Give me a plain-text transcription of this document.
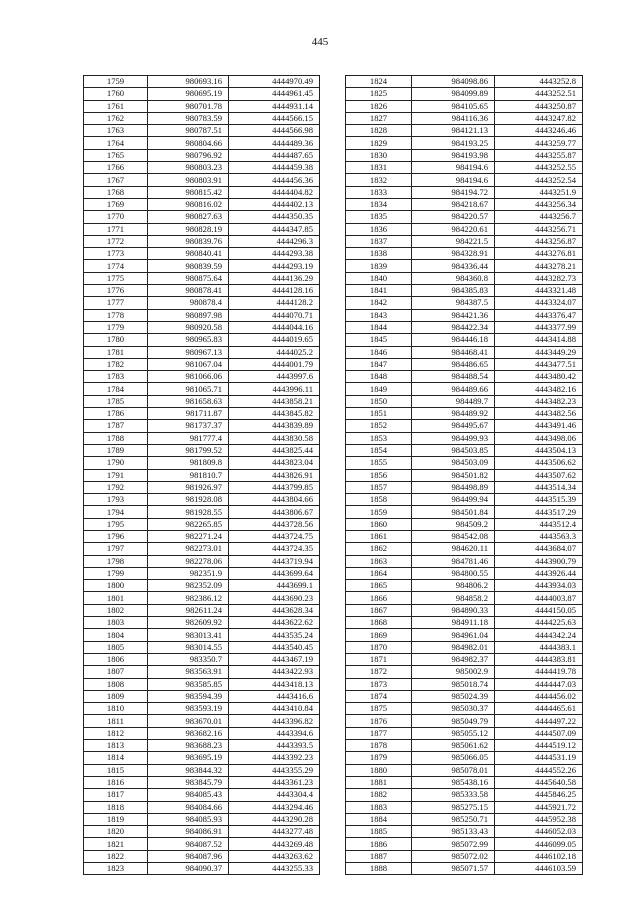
445
1759	980693.16	4444970.49
1760	980695.19	4444961.45
1761	980701.78	4444931.14
1762	980783.59	4444566.15
1763	980787.51	4444566.98
1764	980804.66	4444489.36
1765	980796.92	4444487.65
1766	980803.23	4444459.38
1767	980803.91	4444456.36
1768	980815.42	4444404.82
1769	980816.02	4444402.13
1770	980827.63	4444350.35
1771	980828.19	4444347.85
1772	980839.76	4444296.3
1773	980840.41	4444293.38
1774	980839.59	4444293.19
1775	980875.64	4444136.29
1776	980878.41	4444128.16
1777	980878.4	4444128.2
1778	980897.98	4444070.71
1779	980920.58	4444044.16
1780	980965.83	4444019.65
1781	980967.13	4444025.2
1782	981067.04	4444001.79
1783	981066.06	4443997.6
1784	981065.71	4443996.11
1785	981658.63	4443858.21
1786	981711.87	4443845.82
1787	981737.37	4443839.89
1788	981777.4	4443830.58
1789	981799.52	4443825.44
1790	981809.8	4443823.04
1791	981810.7	4443826.91
1792	981926.97	4443799.85
1793	981928.08	4443804.66
1794	981928.55	4443806.67
1795	982265.85	4443728.56
1796	982271.24	4443724.75
1797	982273.01	4443724.35
1798	982278.06	4443719.94
1799	982351.9	4443699.64
1800	982352.09	4443699.1
1801	982386.12	4443690.23
1802	982611.24	4443628.34
1803	982609.92	4443622.62
1804	983013.41	4443535.24
1805	983014.55	4443540.45
1806	983350.7	4443467.19
1807	983563.91	4443422.93
1808	983585.85	4443418.13
1809	983594.39	4443416.6
1810	983593.19	4443410.84
1811	983670.01	4443396.82
1812	983682.16	4443394.6
1813	983688.23	4443393.5
1814	983695.19	4443392.23
1815	983844.32	4443355.29
1816	983845.79	4443361.23
1817	984085.43	4443304.4
1818	984084.66	4443294.46
1819	984085.93	4443290.28
1820	984086.91	4443277.48
1821	984087.52	4443269.48
1822	984087.96	4443263.62
1823	984090.37	4443255.33
1824	984098.86	4443252.8
1825	984099.89	4443252.51
1826	984105.65	4443250.87
1827	984116.36	4443247.82
1828	984121.13	4443246.46
1829	984193.25	4443259.77
1830	984193.98	4443255.87
1831	984194.6	4443252.55
1832	984194.6	4443252.54
1833	984194.72	4443251.9
1834	984218.67	4443256.34
1835	984220.57	4443256.7
1836	984220.61	4443256.71
1837	984221.5	4443256.87
1838	984328.91	4443276.81
1839	984336.44	4443278.21
1840	984360.8	4443282.73
1841	984385.83	4443321.48
1842	984387.5	4443324.07
1843	984421.36	4443376.47
1844	984422.34	4443377.99
1845	984446.18	4443414.88
1846	984468.41	4443449.29
1847	984486.65	4443477.51
1848	984488.54	4443480.42
1849	984489.66	4443482.16
1850	984489.7	4443482.23
1851	984489.92	4443482.56
1852	984495.67	4443491.46
1853	984499.93	4443498.06
1854	984503.85	4443504.13
1855	984503.09	4443506.62
1856	984501.82	4443507.62
1857	984498.89	4443514.34
1858	984499.94	4443515.39
1859	984501.84	4443517.29
1860	984509.2	4443512.4
1861	984542.08	4443563.3
1862	984620.11	4443684.07
1863	984781.46	4443900.79
1864	984800.55	4443926.44
1865	984806.2	4443934.03
1866	984858.2	4444003.87
1867	984890.33	4444150.05
1868	984911.18	4444225.63
1869	984961.04	4444342.24
1870	984982.01	4444383.1
1871	984982.37	4444383.81
1872	985002.9	4444419.78
1873	985018.74	4444447.03
1874	985024.39	4444456.02
1875	985030.37	4444465.61
1876	985049.79	4444497.22
1877	985055.12	4444507.09
1878	985061.62	4444519.12
1879	985066.05	4444531.19
1880	985078.01	4444552.26
1881	985438.16	4445640.58
1882	985333.58	4445846.25
1883	985275.15	4445921.72
1884	985250.71	4445952.38
1885	985133.43	4446052.03
1886	985072.99	4446099.05
1887	985072.02	4446102.18
1888	985071.57	4446103.59
